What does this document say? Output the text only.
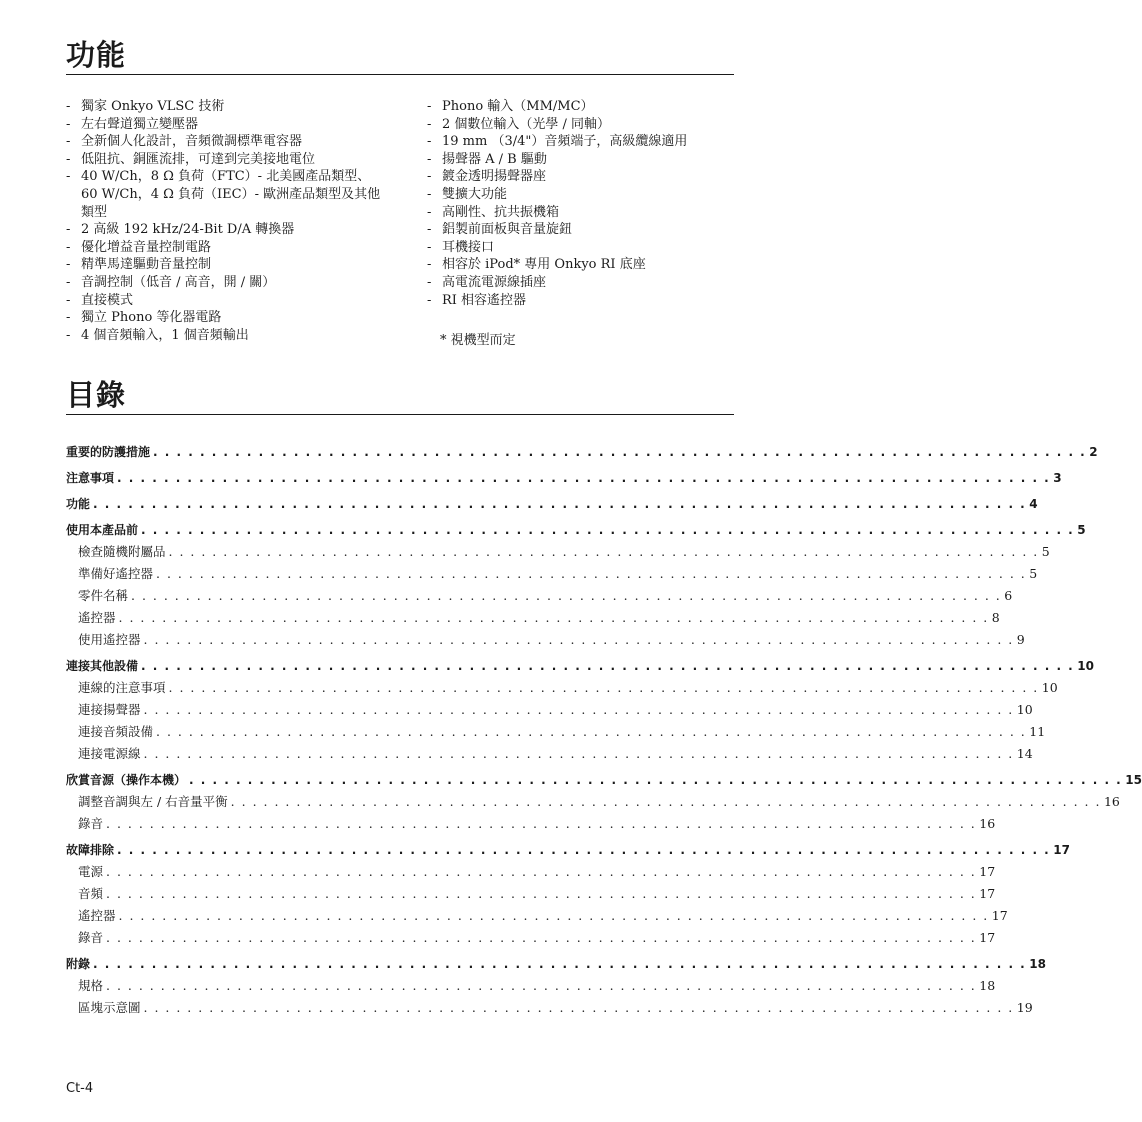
功能
- 獨家 Onkyo VLSC 技術
- 左右聲道獨立變壓器
- 全新個人化設計，音頻微調標準電容器
- 低阻抗、銅匯流排，可達到完美接地電位
- 40 W/Ch，8 Ω 負荷（FTC）- 北美國產品類型、60 W/Ch，4 Ω 負荷（IEC）- 歐洲產品類型及其他類型
- 2 高級 192 kHz/24-Bit D/A 轉換器
- 優化增益音量控制電路
- 精準馬達驅動音量控制
- 音調控制（低音 / 高音，開 / 關）
- 直接模式
- 獨立 Phono 等化器電路
- 4 個音頻輸入，1 個音頻輸出
- Phono 輸入（MM/MC）
- 2 個數位輸入（光學 / 同軸）
- 19 mm （3/4"）音頻端子，高級纜線適用
- 揚聲器 A / B 驅動
- 鍍金透明揚聲器座
- 雙擴大功能
- 高剛性、抗共振機箱
- 鋁製前面板與音量旋鈕
- 耳機接口
- 相容於 iPod* 專用 Onkyo RI 底座
- 高電流電源線插座
- RI 相容遙控器
* 視機型而定
目錄
重要的防護措施 . . . . . . . . . . . . . . . . . . . . . . . . . . . . . . . . . . . . . . . . . . . . . . . . . . . . . . . . . . . . . . . . . . . . . . . . . . . . . . . . 2
注意事項 . . . . . . . . . . . . . . . . . . . . . . . . . . . . . . . . . . . . . . . . . . . . . . . . . . . . . . . . . . . . . . . . . . . . . . . . . . . . . . . . 3
功能 . . . . . . . . . . . . . . . . . . . . . . . . . . . . . . . . . . . . . . . . . . . . . . . . . . . . . . . . . . . . . . . . . . . . . . . . . . . . . . . . 4
使用本產品前 . . . . . . . . . . . . . . . . . . . . . . . . . . . . . . . . . . . . . . . . . . . . . . . . . . . . . . . . . . . . . . . . . . . . . . . . . . . . . . . . 5
檢查隨機附屬品 . . . . . . . . . . . . . . . . . . . . . . . . . . . . . . . . . . . . . . . . . . . . . . . . . . . . . . . . . . . . . . . . . . . . . . . . . . . . . . . . 5
準備好遙控器 . . . . . . . . . . . . . . . . . . . . . . . . . . . . . . . . . . . . . . . . . . . . . . . . . . . . . . . . . . . . . . . . . . . . . . . . . . . . . . . . 5
零件名稱 . . . . . . . . . . . . . . . . . . . . . . . . . . . . . . . . . . . . . . . . . . . . . . . . . . . . . . . . . . . . . . . . . . . . . . . . . . . . . . . . 6
遙控器 . . . . . . . . . . . . . . . . . . . . . . . . . . . . . . . . . . . . . . . . . . . . . . . . . . . . . . . . . . . . . . . . . . . . . . . . . . . . . . . . 8
使用遙控器 . . . . . . . . . . . . . . . . . . . . . . . . . . . . . . . . . . . . . . . . . . . . . . . . . . . . . . . . . . . . . . . . . . . . . . . . . . . . . . . . 9
連接其他設備 . . . . . . . . . . . . . . . . . . . . . . . . . . . . . . . . . . . . . . . . . . . . . . . . . . . . . . . . . . . . . . . . . . . . . . . . . . . . . . . . 10
連線的注意事項 . . . . . . . . . . . . . . . . . . . . . . . . . . . . . . . . . . . . . . . . . . . . . . . . . . . . . . . . . . . . . . . . . . . . . . . . . . . . . . . . 10
連接揚聲器 . . . . . . . . . . . . . . . . . . . . . . . . . . . . . . . . . . . . . . . . . . . . . . . . . . . . . . . . . . . . . . . . . . . . . . . . . . . . . . . . 10
連接音頻設備 . . . . . . . . . . . . . . . . . . . . . . . . . . . . . . . . . . . . . . . . . . . . . . . . . . . . . . . . . . . . . . . . . . . . . . . . . . . . . . . . 11
連接電源線 . . . . . . . . . . . . . . . . . . . . . . . . . . . . . . . . . . . . . . . . . . . . . . . . . . . . . . . . . . . . . . . . . . . . . . . . . . . . . . . . 14
欣賞音源（操作本機） . . . . . . . . . . . . . . . . . . . . . . . . . . . . . . . . . . . . . . . . . . . . . . . . . . . . . . . . . . . . . . . . . . . . . . . . . . . . . . . . 15
調整音調與左 / 右音量平衡 . . . . . . . . . . . . . . . . . . . . . . . . . . . . . . . . . . . . . . . . . . . . . . . . . . . . . . . . . . . . . . . . . . . . . . . . . . . . . . . . 16
錄音 . . . . . . . . . . . . . . . . . . . . . . . . . . . . . . . . . . . . . . . . . . . . . . . . . . . . . . . . . . . . . . . . . . . . . . . . . . . . . . . . 16
故障排除 . . . . . . . . . . . . . . . . . . . . . . . . . . . . . . . . . . . . . . . . . . . . . . . . . . . . . . . . . . . . . . . . . . . . . . . . . . . . . . . . 17
電源 . . . . . . . . . . . . . . . . . . . . . . . . . . . . . . . . . . . . . . . . . . . . . . . . . . . . . . . . . . . . . . . . . . . . . . . . . . . . . . . . 17
音頻 . . . . . . . . . . . . . . . . . . . . . . . . . . . . . . . . . . . . . . . . . . . . . . . . . . . . . . . . . . . . . . . . . . . . . . . . . . . . . . . . 17
遙控器 . . . . . . . . . . . . . . . . . . . . . . . . . . . . . . . . . . . . . . . . . . . . . . . . . . . . . . . . . . . . . . . . . . . . . . . . . . . . . . . . 17
錄音 . . . . . . . . . . . . . . . . . . . . . . . . . . . . . . . . . . . . . . . . . . . . . . . . . . . . . . . . . . . . . . . . . . . . . . . . . . . . . . . . 17
附錄 . . . . . . . . . . . . . . . . . . . . . . . . . . . . . . . . . . . . . . . . . . . . . . . . . . . . . . . . . . . . . . . . . . . . . . . . . . . . . . . . 18
規格 . . . . . . . . . . . . . . . . . . . . . . . . . . . . . . . . . . . . . . . . . . . . . . . . . . . . . . . . . . . . . . . . . . . . . . . . . . . . . . . . 18
區塊示意圖 . . . . . . . . . . . . . . . . . . . . . . . . . . . . . . . . . . . . . . . . . . . . . . . . . . . . . . . . . . . . . . . . . . . . . . . . . . . . . . . . 19
Ct-4
